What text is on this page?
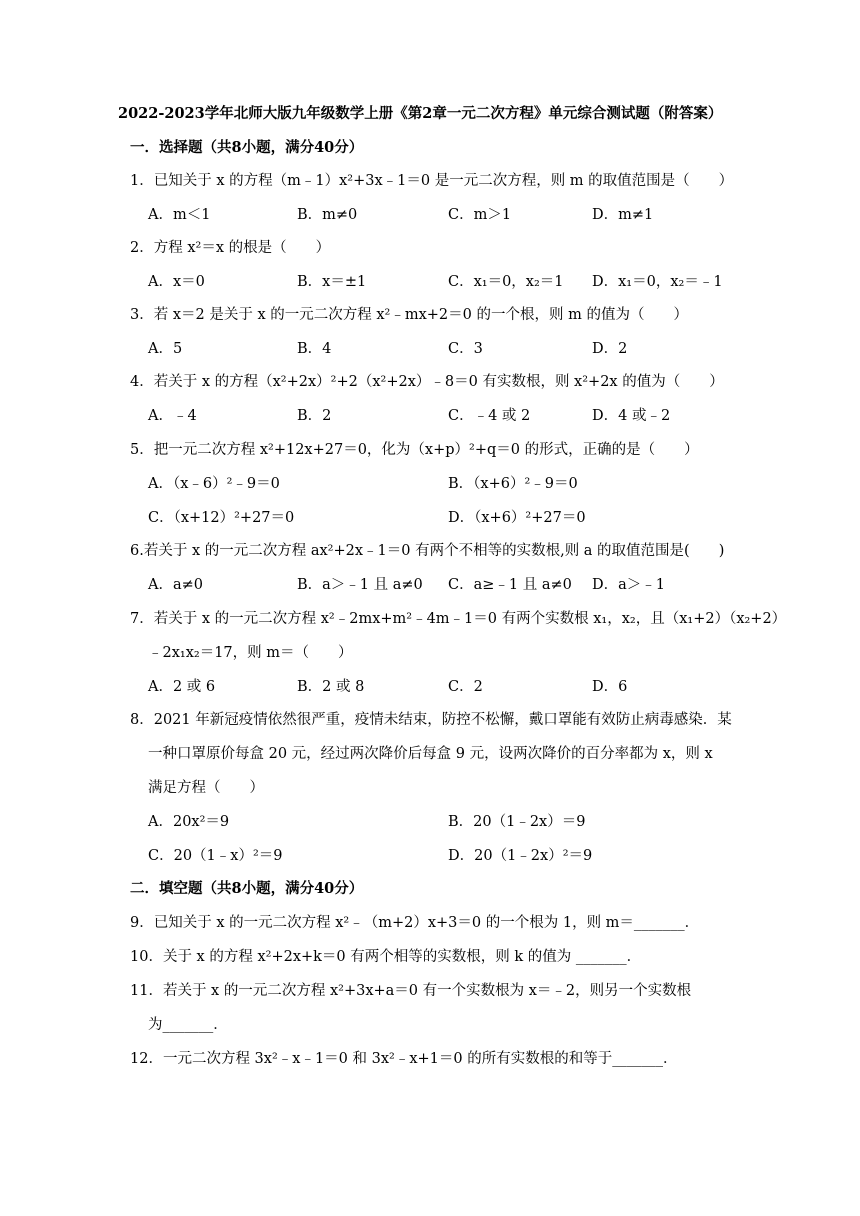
2022-2023学年北师大版九年级数学上册《第2章一元二次方程》单元综合测试题（附答案）
一．选择题（共8小题，满分40分）
1．已知关于 x 的方程（m﹣1）x²+3x﹣1＝0 是一元二次方程，则 m 的取值范围是（　　）
A．m＜1	B．m≠0	C．m＞1	D．m≠1
2．方程 x²＝x 的根是（　　）
A．x＝0	B．x＝±1	C．x₁＝0，x₂＝1 D．x₁＝0，x₂＝﹣1
3．若 x＝2 是关于 x 的一元二次方程 x²﹣mx+2＝0 的一个根，则 m 的值为（　　）
A．5	B．4	C．3	D．2
4．若关于 x 的方程（x²+2x）²+2（x²+2x）﹣8＝0 有实数根，则 x²+2x 的值为（　　）
A．﹣4	B．2	C．﹣4 或 2	D．4 或﹣2
5．把一元二次方程 x²+12x+27＝0，化为（x+p）²+q＝0 的形式，正确的是（　　）
A．（x﹣6）²﹣9＝0	B．（x+6）²﹣9＝0
C．（x+12）²+27＝0	D．（x+6）²+27＝0
6.若关于 x 的一元二次方程 ax²+2x﹣1＝0 有两个不相等的实数根,则 a 的取值范围是(　　)
A．a≠0	B．a＞﹣1 且 a≠0 C．a≥﹣1 且 a≠0 D．a＞﹣1
7．若关于 x 的一元二次方程 x²﹣2mx+m²﹣4m﹣1＝0 有两个实数根 x₁，x₂，且（x₁+2）（x₂+2）
﹣2x₁x₂＝17，则 m＝（　　）
A．2 或 6	B．2 或 8	C．2	D．6
8．2021 年新冠疫情依然很严重，疫情未结束，防控不松懈，戴口罩能有效防止病毒感染．某
一种口罩原价每盒 20 元，经过两次降价后每盒 9 元，设两次降价的百分率都为 x，则 x
满足方程（　　）
A．20x²＝9	B．20（1﹣2x）＝9
C．20（1﹣x）²＝9	D．20（1﹣2x）²＝9
二．填空题（共8小题，满分40分）
9．已知关于 x 的一元二次方程 x²﹣（m+2）x+3＝0 的一个根为 1，则 m＝_______．
10．关于 x 的方程 x²+2x+k＝0 有两个相等的实数根，则 k 的值为 _______．
11．若关于 x 的一元二次方程 x²+3x+a＝0 有一个实数根为 x＝﹣2，则另一个实数根
为_______．
12．一元二次方程 3x²﹣x﹣1＝0 和 3x²﹣x+1＝0 的所有实数根的和等于_______．
